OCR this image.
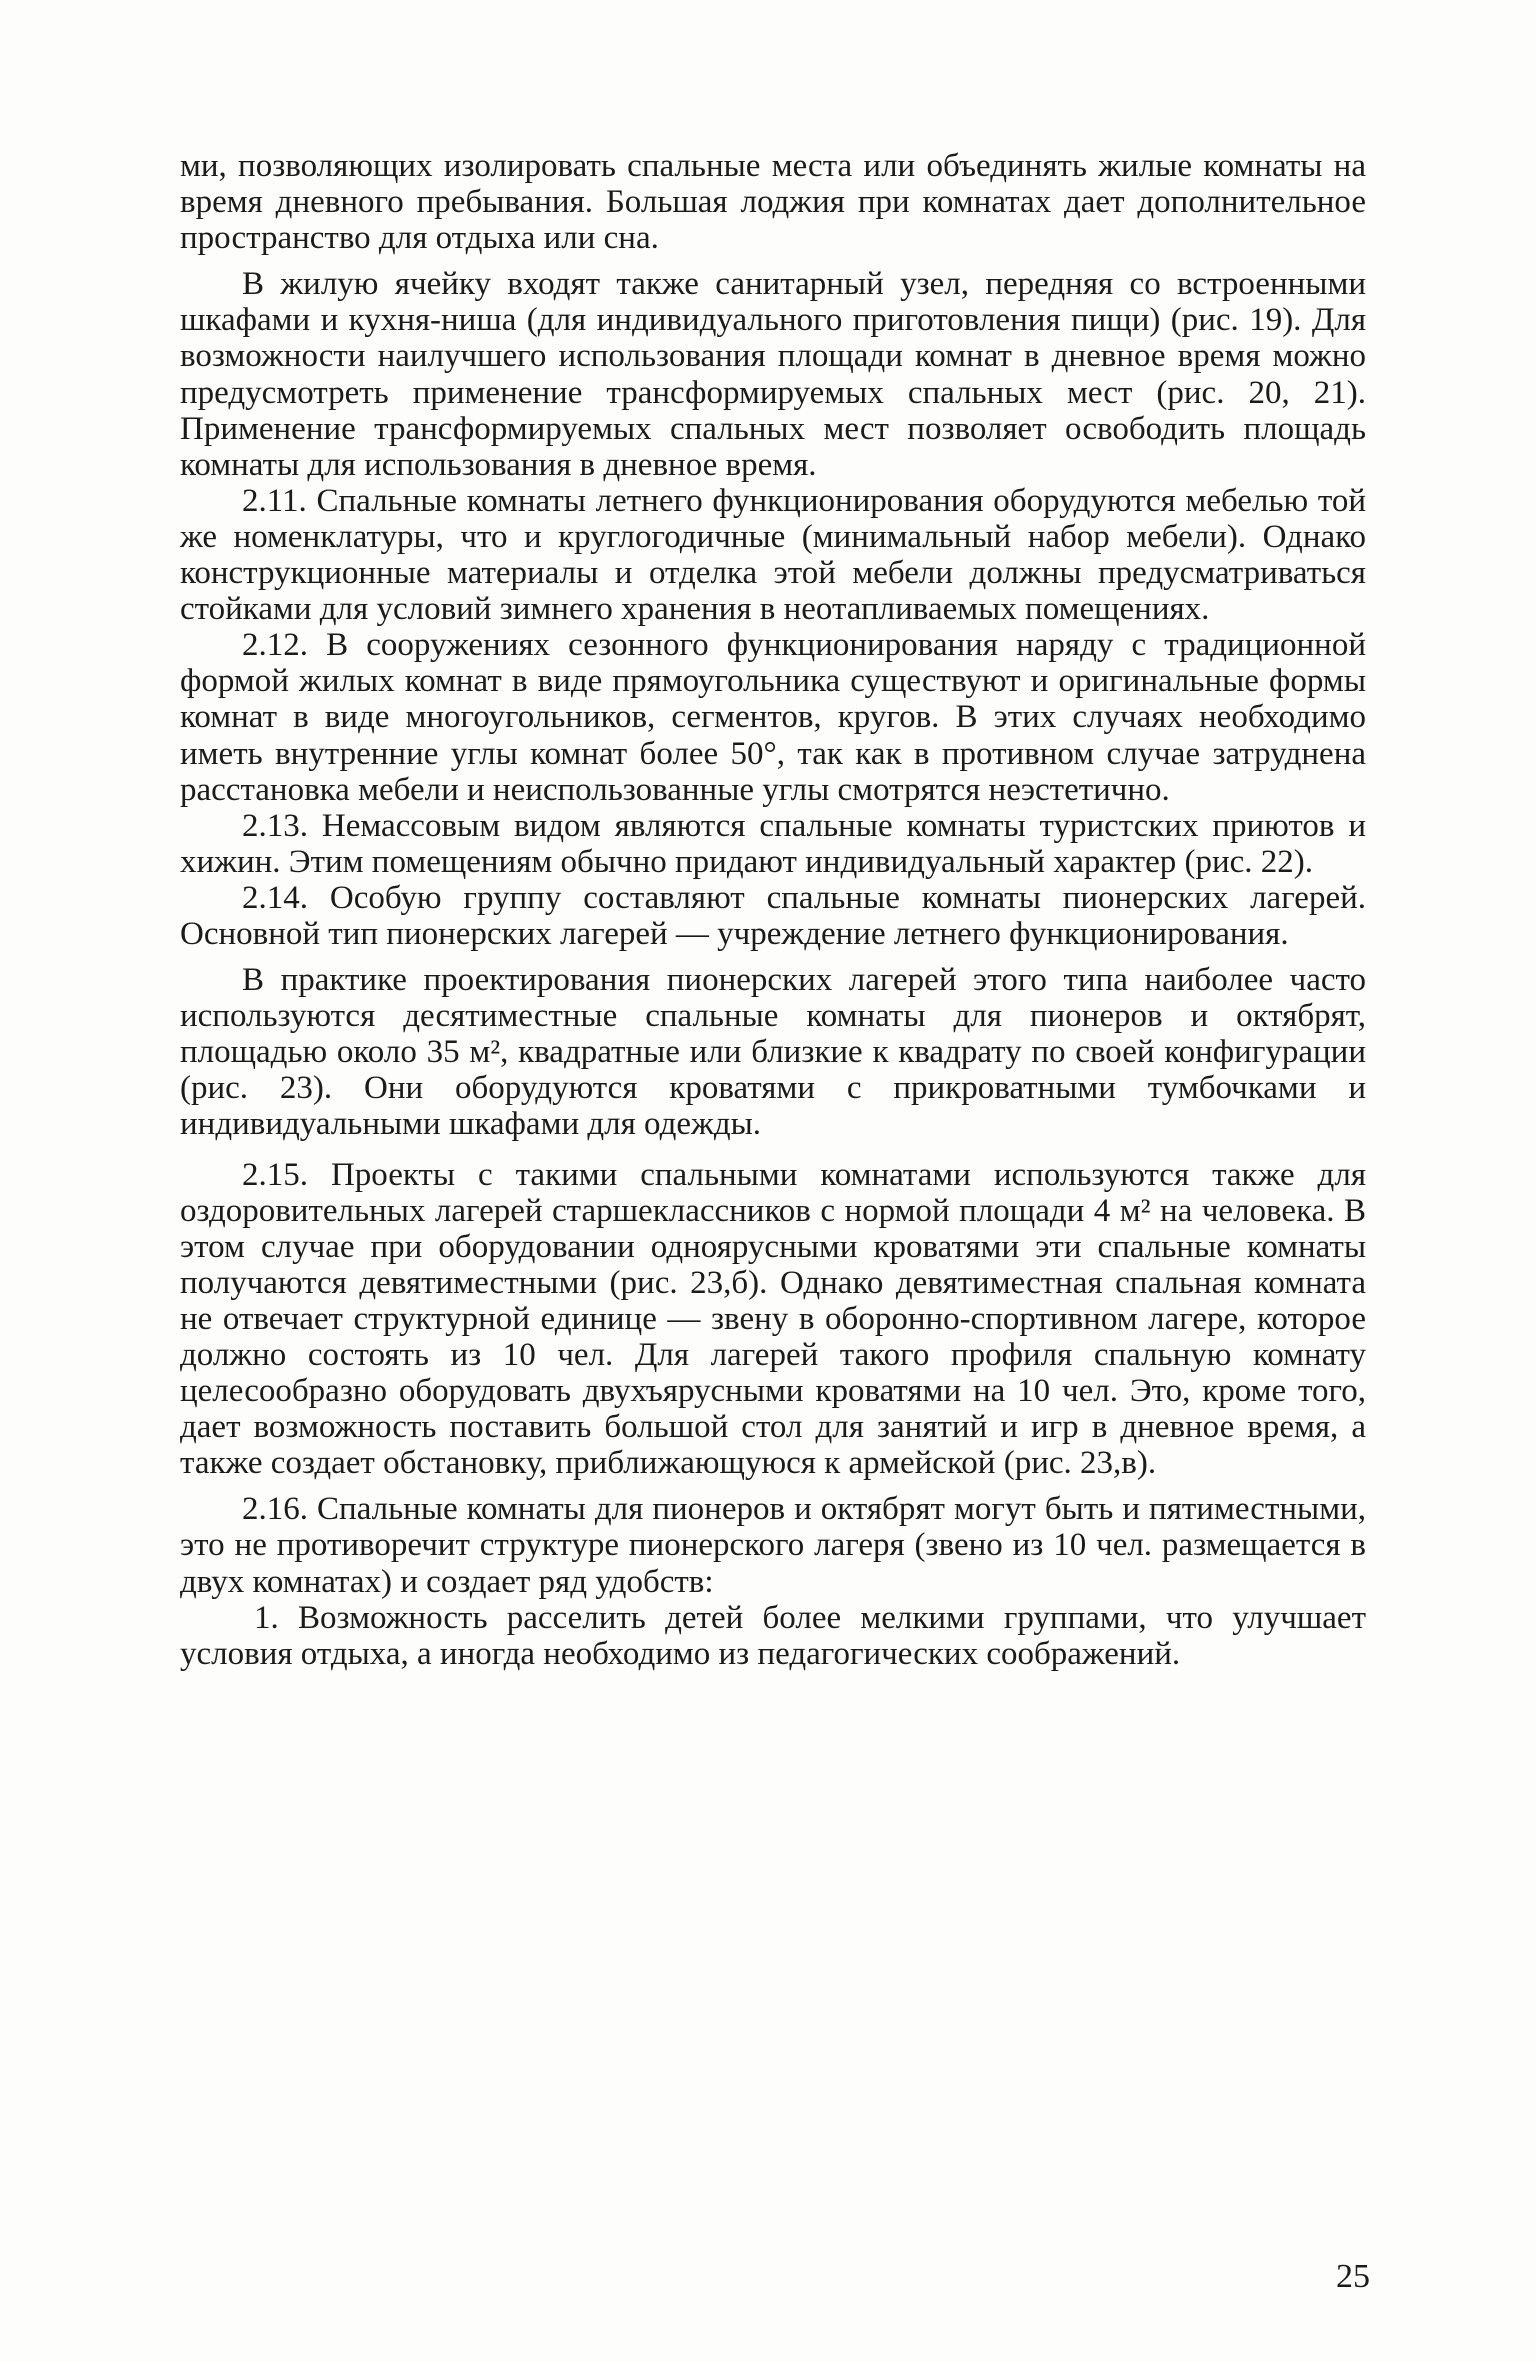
ми, позволяющих изолировать спальные места или объединять жилые комнаты на время дневного пребывания. Большая лоджия при комнатах дает дополнительное пространство для отдыха или сна.

В жилую ячейку входят также санитарный узел, передняя со встроенными шкафами и кухня-ниша (для индивидуального приготовления пищи) (рис. 19). Для возможности наилучшего использования площади комнат в дневное время можно предусмотреть применение трансформируемых спальных мест (рис. 20, 21). Применение трансформируемых спальных мест позволяет освободить площадь комнаты для использования в дневное время.

2.11. Спальные комнаты летнего функционирования оборудуются мебелью той же номенклатуры, что и круглогодичные (минимальный набор мебели). Однако конструкционные материалы и отделка этой мебели должны предусматриваться стойками для условий зимнего хранения в неотапливаемых помещениях.

2.12. В сооружениях сезонного функционирования наряду с традиционной формой жилых комнат в виде прямоугольника существуют и оригинальные формы комнат в виде многоугольников, сегментов, кругов. В этих случаях необходимо иметь внутренние углы комнат более 50°, так как в противном случае затруднена расстановка мебели и неиспользованные углы смотрятся неэстетично.

2.13. Немассовым видом являются спальные комнаты туристских приютов и хижин. Этим помещениям обычно придают индивидуальный характер (рис. 22).

2.14. Особую группу составляют спальные комнаты пионерских лагерей. Основной тип пионерских лагерей — учреждение летнего функционирования.

В практике проектирования пионерских лагерей этого типа наиболее часто используются десятиместные спальные комнаты для пионеров и октябрят, площадью около 35 м², квадратные или близкие к квадрату по своей конфигурации (рис. 23). Они оборудуются кроватями с прикроватными тумбочками и индивидуальными шкафами для одежды.

2.15. Проекты с такими спальными комнатами используются также для оздоровительных лагерей старшеклассников с нормой площади 4 м² на человека. В этом случае при оборудовании одноярусными кроватями эти спальные комнаты получаются девятиместными (рис. 23,б). Однако девятиместная спальная комната не отвечает структурной единице — звену в оборонно-спортивном лагере, которое должно состоять из 10 чел. Для лагерей такого профиля спальную комнату целесообразно оборудовать двухъярусными кроватями на 10 чел. Это, кроме того, дает возможность поставить большой стол для занятий и игр в дневное время, а также создает обстановку, приближающуюся к армейской (рис. 23,в).

2.16. Спальные комнаты для пионеров и октябрят могут быть и пятиместными, это не противоречит структуре пионерского лагеря (звено из 10 чел. размещается в двух комнатах) и создает ряд удобств:

1. Возможность расселить детей более мелкими группами, что улучшает условия отдыха, а иногда необходимо из педагогических соображений.

25
